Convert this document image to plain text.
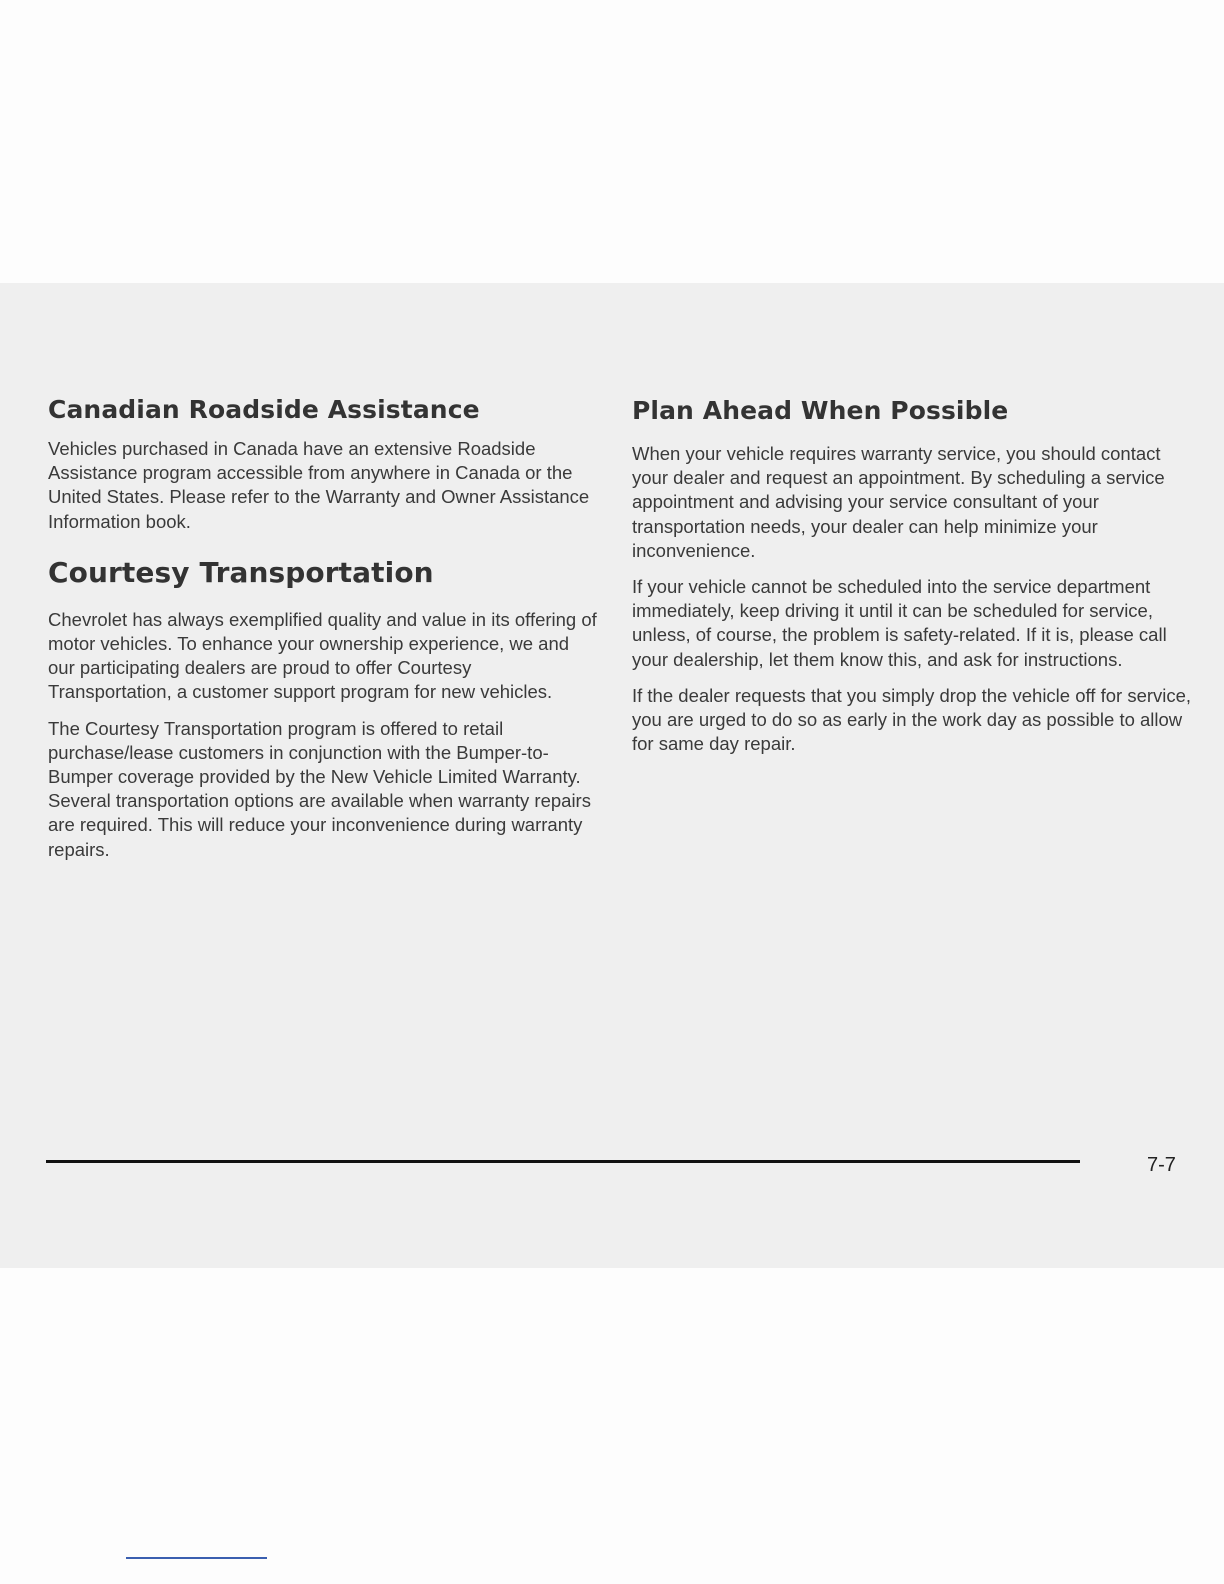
Canadian Roadside Assistance

Vehicles purchased in Canada have an extensive Roadside Assistance program accessible from anywhere in Canada or the United States. Please refer to the Warranty and Owner Assistance Information book.

Courtesy Transportation

Chevrolet has always exemplified quality and value in its offering of motor vehicles. To enhance your ownership experience, we and our participating dealers are proud to offer Courtesy Transportation, a customer support program for new vehicles.

The Courtesy Transportation program is offered to retail purchase/lease customers in conjunction with the Bumper-to-Bumper coverage provided by the New Vehicle Limited Warranty. Several transportation options are available when warranty repairs are required. This will reduce your inconvenience during warranty repairs.

Plan Ahead When Possible

When your vehicle requires warranty service, you should contact your dealer and request an appointment. By scheduling a service appointment and advising your service consultant of your transportation needs, your dealer can help minimize your inconvenience.

If your vehicle cannot be scheduled into the service department immediately, keep driving it until it can be scheduled for service, unless, of course, the problem is safety-related. If it is, please call your dealership, let them know this, and ask for instructions.

If the dealer requests that you simply drop the vehicle off for service, you are urged to do so as early in the work day as possible to allow for same day repair.

7-7
